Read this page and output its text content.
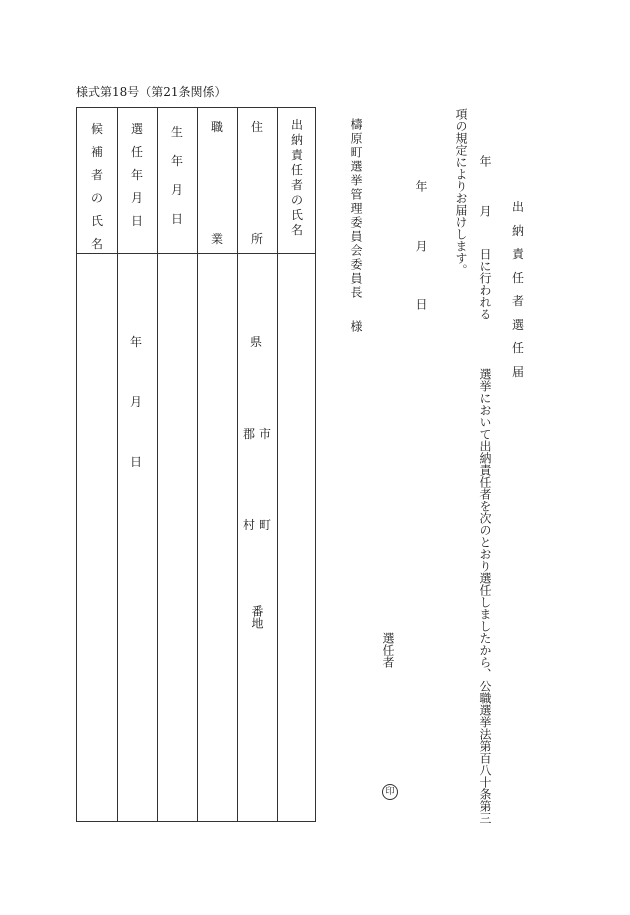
様式第18号（第21条関係）
候
補
者
の
氏
名
選
任
年
月
日
生
年
月
日
職
業
住
所
出
納
責
任
者
の
氏
名
年
月
日
県
郡 市
村 町
番地
檮原町選挙管理委員会委員長
様
選任者
印
年
月
日
項の規定によりお届けします。 年
月
日に行われる
選挙において出納責任者を次のとおり選任しましたから、公職選挙法第百八十条第三
出
納
責
任
者
選
任
届
